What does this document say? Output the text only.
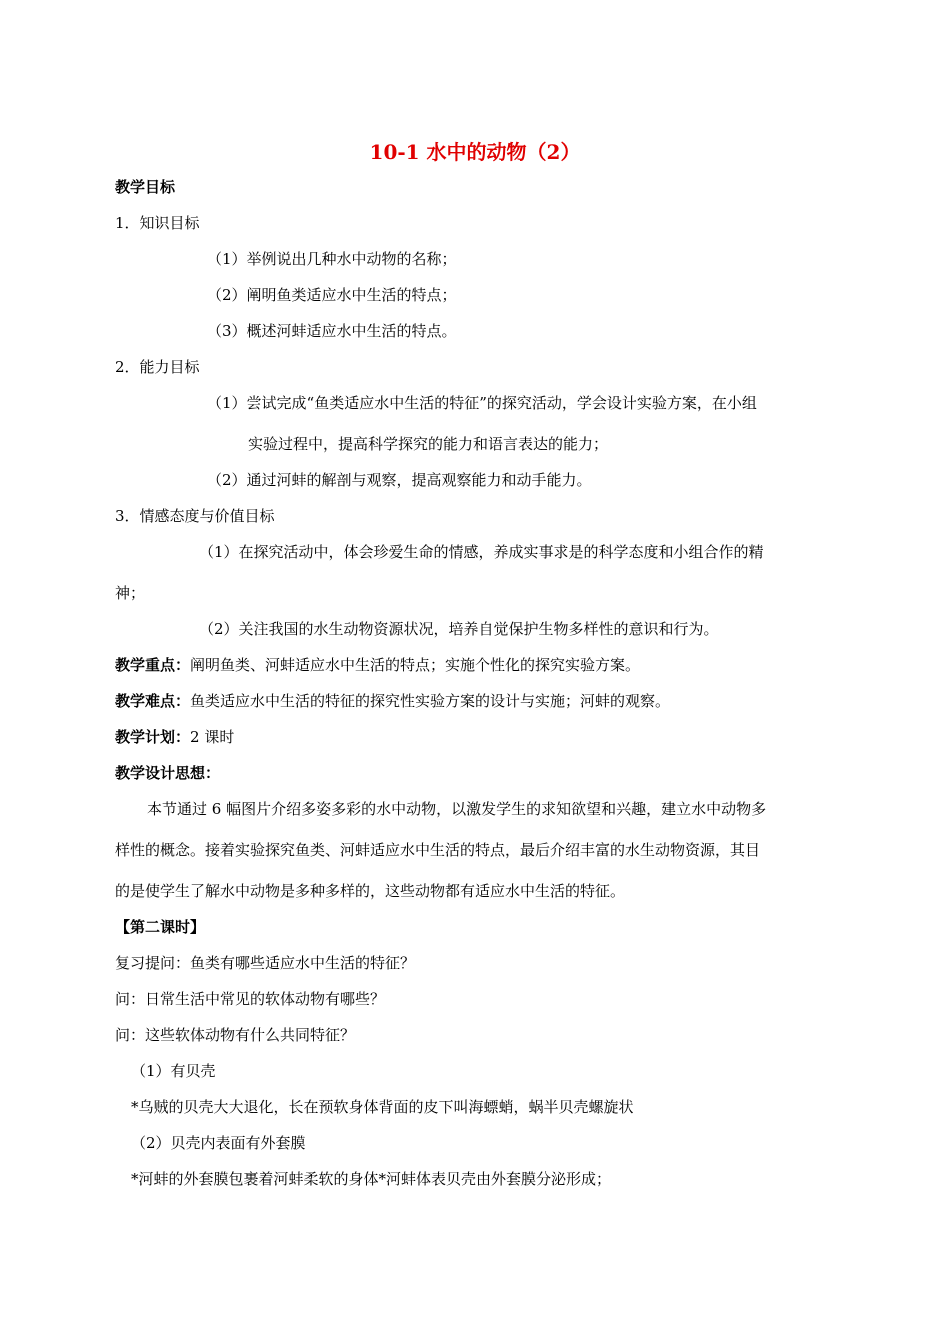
10-1 水中的动物（2）

教学目标

1．知识目标

（1）举例说出几种水中动物的名称；

（2）阐明鱼类适应水中生活的特点；

（3）概述河蚌适应水中生活的特点。

2．能力目标

（1）尝试完成“鱼类适应水中生活的特征”的探究活动，学会设计实验方案，在小组

实验过程中，提高科学探究的能力和语言表达的能力；

（2）通过河蚌的解剖与观察，提高观察能力和动手能力。

3．情感态度与价值目标

（1）在探究活动中，体会珍爱生命的情感，养成实事求是的科学态度和小组合作的精

神；

（2）关注我国的水生动物资源状况，培养自觉保护生物多样性的意识和行为。

教学重点：阐明鱼类、河蚌适应水中生活的特点；实施个性化的探究实验方案。

教学难点：鱼类适应水中生活的特征的探究性实验方案的设计与实施；河蚌的观察。

教学计划：2 课时

教学设计思想：

本节通过 6 幅图片介绍多姿多彩的水中动物，以激发学生的求知欲望和兴趣，建立水中动物多

样性的概念。接着实验探究鱼类、河蚌适应水中生活的特点，最后介绍丰富的水生动物资源，其目

的是使学生了解水中动物是多种多样的，这些动物都有适应水中生活的特征。

【第二课时】

复习提问：鱼类有哪些适应水中生活的特征？

问：日常生活中常见的软体动物有哪些？

问：这些软体动物有什么共同特征？

（1）有贝壳

*乌贼的贝壳大大退化，长在预软身体背面的皮下叫海螵蛸，蜗半贝壳螺旋状

（2）贝壳内表面有外套膜

*河蚌的外套膜包裹着河蚌柔软的身体*河蚌体表贝壳由外套膜分泌形成；
